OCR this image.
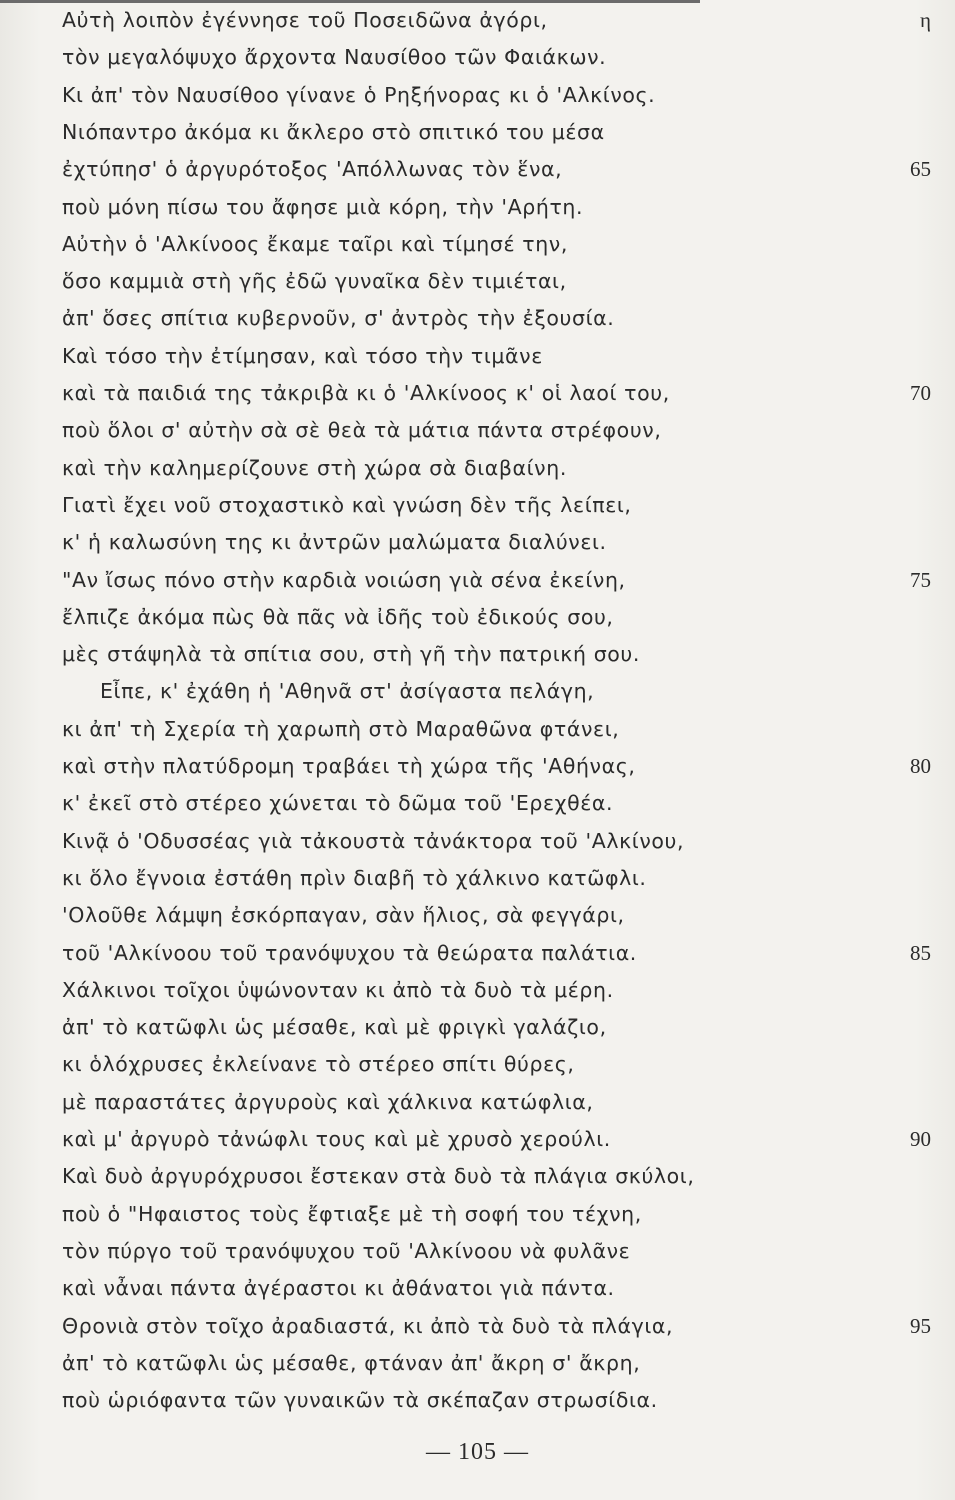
Αὐτὴ λοιπὸν ἐγέννησε τοῦ Ποσειδῶνα ἀγόρι,	η
τὸν μεγαλόψυχο ἄρχοντα Ναυσίθοο τῶν Φαιάκων.
Κι ἀπ' τὸν Ναυσίθοο γίνανε ὁ Ρηξήνορας κι ὁ 'Αλκίνος.
Νιόπαντρο ἀκόμα κι ἄκλερο στὸ σπιτικό του μέσα
ἐχτύπησ' ὁ ἀργυρότοξος 'Απόλλωνας τὸν ἕνα,	65
ποὺ μόνη πίσω του ἄφησε μιὰ κόρη, τὴν 'Αρήτη.
Αὐτὴν ὁ 'Αλκίνοος ἔκαμε ταῖρι καὶ τίμησέ την,
ὅσο καμμιὰ στὴ γῆς ἐδῶ γυναῖκα δὲν τιμιέται,
ἀπ' ὅσες σπίτια κυβερνοῦν, σ' ἀντρὸς τὴν ἐξουσία.
Καὶ τόσο τὴν ἐτίμησαν, καὶ τόσο τὴν τιμᾶνε
καὶ τὰ παιδιά της τἀκριβὰ κι ὁ 'Αλκίνοος κ' οἱ λαοί του,	70
ποὺ ὅλοι σ' αὐτὴν σὰ σὲ θεὰ τὰ μάτια πάντα στρέφουν,
καὶ τὴν καλημερίζουνε στὴ χώρα σὰ διαβαίνη.
Γιατὶ ἔχει νοῦ στοχαστικὸ καὶ γνώση δὲν τῆς λείπει,
κ' ἡ καλωσύνη της κι ἀντρῶν μαλώματα διαλύνει.
"Αν ἴσως πόνο στὴν καρδιὰ νοιώση γιὰ σένα ἐκείνη,	75
ἔλπιζε ἀκόμα πὼς θὰ πᾶς νὰ ἰδῆς τοὺ ἐδικούς σου,
μὲς στάψηλὰ τὰ σπίτια σου, στὴ γῆ τὴν πατρική σου.
Εἶπε, κ' ἐχάθη ἡ 'Αθηνᾶ στ' ἀσίγαστα πελάγη,
κι ἀπ' τὴ Σχερία τὴ χαρωπὴ στὸ Μαραθῶνα φτάνει,
καὶ στὴν πλατύδρομη τραβάει τὴ χώρα τῆς 'Αθήνας,	80
κ' ἐκεῖ στὸ στέρεο χώνεται τὸ δῶμα τοῦ 'Ερεχθέα.
Κινᾷ ὁ 'Οδυσσέας γιὰ τἀκουστὰ τἀνάκτορα τοῦ 'Αλκίνου,
κι ὅλο ἔγνοια ἐστάθη πρὶν διαβῆ τὸ χάλκινο κατῶφλι.
'Ολοῦθε λάμψη ἐσκόρπαγαν, σὰν ἥλιος, σὰ φεγγάρι,
τοῦ 'Αλκίνοου τοῦ τρανόψυχου τὰ θεώρατα παλάτια.	85
Χάλκινοι τοῖχοι ὑψώνονταν κι ἀπὸ τὰ δυὸ τὰ μέρη.
ἀπ' τὸ κατῶφλι ὡς μέσαθε, καὶ μὲ φριγκὶ γαλάζιο,
κι ὁλόχρυσες ἐκλείνανε τὸ στέρεο σπίτι θύρες,
μὲ παραστάτες ἀργυροὺς καὶ χάλκινα κατώφλια,
καὶ μ' ἀργυρὸ τἀνώφλι τους καὶ μὲ χρυσὸ χερούλι.	90
Καὶ δυὸ ἀργυρόχρυσοι ἔστεκαν στὰ δυὸ τὰ πλάγια σκύλοι,
ποὺ ὁ "Ηφαιστος τοὺς ἔφτιαξε μὲ τὴ σοφή του τέχνη,
τὸν πύργο τοῦ τρανόψυχου τοῦ 'Αλκίνοου νὰ φυλᾶνε
καὶ νἆναι πάντα ἀγέραστοι κι ἀθάνατοι γιὰ πάντα.
Θρονιὰ στὸν τοῖχο ἀραδιαστά, κι ἀπὸ τὰ δυὸ τὰ πλάγια,	95
ἀπ' τὸ κατῶφλι ὡς μέσαθε, φτάναν ἀπ' ἄκρη σ' ἄκρη,
ποὺ ὡριόφαντα τῶν γυναικῶν τὰ σκέπαζαν στρωσίδια.
— 105 —
